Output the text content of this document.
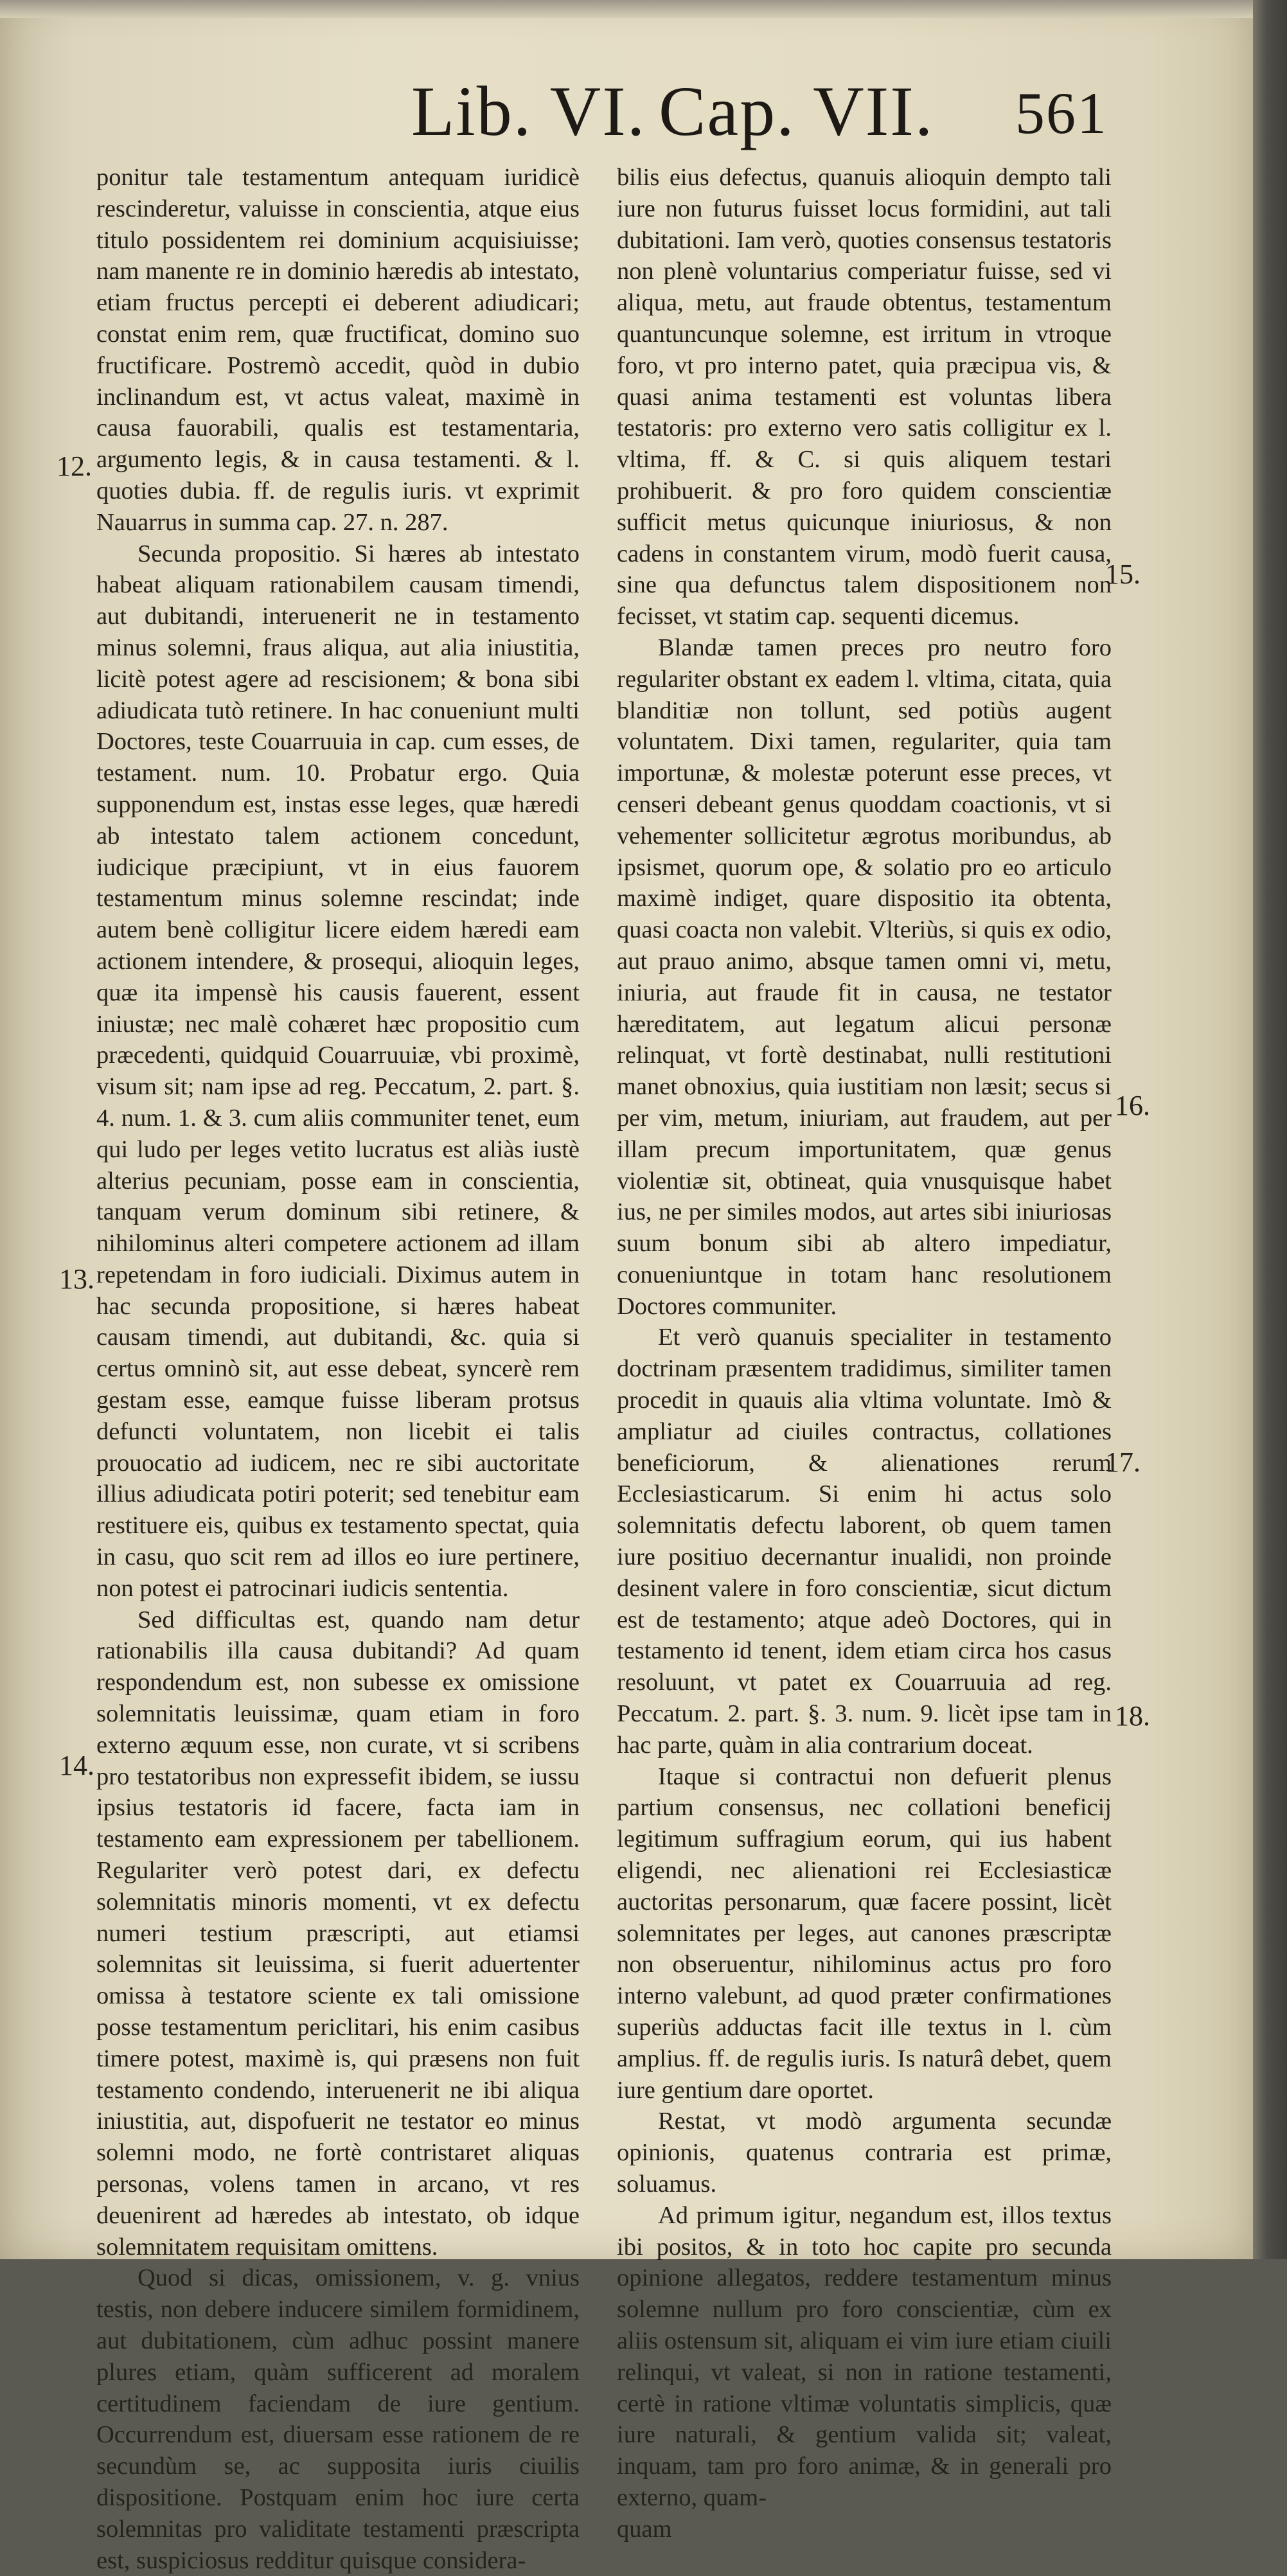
Lib. VI. Cap. VII. 561

ponitur tale testamentum antequam iuridicè rescinderetur, valuisse in conscientia, atque eius titulo possidentem rei dominium acquisiuisse; nam manente re in dominio hæredis ab intestato, etiam fructus percepti ei deberent adiudicari; constat enim rem, quæ fructificat, domino suo fructificare. Postremò accedit, quòd in dubio inclinandum est, vt actus valeat, maximè in causa fauorabili, qualis est testamentaria, argumento legis, & in causa testamenti. & l. quoties dubia. ff. de regulis iuris. vt exprimit Nauarrus in summa cap. 27. n. 287.

Secunda propositio. Si hæres ab intestato habeat aliquam rationabilem causam timendi, aut dubitandi, interuenerit ne in testamento minus solemni, fraus aliqua, aut alia iniustitia, licitè potest agere ad rescisionem; & bona sibi adiudicata tutò retinere. In hac conueniunt multi Doctores, teste Couarruuia in cap. cum esses, de testament. num. 10. Probatur ergo. Quia supponendum est, instas esse leges, quæ hæredi ab intestato talem actionem concedunt, iudicique præcipiunt, vt in eius fauorem testamentum minus solemne rescindat; inde autem benè colligitur licere eidem hæredi eam actionem intendere, & prosequi, alioquin leges, quæ ita impensè his causis fauerent, essent iniustæ; nec malè cohæret hæc propositio cum præcedenti, quidquid Couarruuiæ, vbi proximè, visum sit; nam ipse ad reg. Peccatum, 2. part. §. 4. num. 1. & 3. cum aliis communiter tenet, eum qui ludo per leges vetito lucratus est aliàs iustè alterius pecuniam, posse eam in conscientia, tanquam verum dominum sibi retinere, & nihilominus alteri competere actionem ad illam repetendam in foro iudiciali. Diximus autem in hac secunda propositione, si hæres habeat causam timendi, aut dubitandi, &c. quia si certus omninò sit, aut esse debeat, syncerè rem gestam esse, eamque fuisse liberam protsus defuncti voluntatem, non licebit ei talis prouocatio ad iudicem, nec re sibi auctoritate illius adiudicata potiri poterit; sed tenebitur eam restituere eis, quibus ex testamento spectat, quia in casu, quo scit rem ad illos eo iure pertinere, non potest ei patrocinari iudicis sententia.

Sed difficultas est, quando nam detur rationabilis illa causa dubitandi? Ad quam respondendum est, non subesse ex omissione solemnitatis leuissimæ, quam etiam in foro externo æquum esse, non curate, vt si scribens pro testatoribus non expressefit ibidem, se iussu ipsius testatoris id facere, facta iam in testamento eam expressionem per tabellionem. Regulariter verò potest dari, ex defectu solemnitatis minoris momenti, vt ex defectu numeri testium præscripti, aut etiamsi solemnitas sit leuissima, si fuerit aduertenter omissa à testatore sciente ex tali omissione posse testamentum periclitari, his enim casibus timere potest, maximè is, qui præsens non fuit testamento condendo, interuenerit ne ibi aliqua iniustitia, aut, dispofuerit ne testator eo minus solemni modo, ne fortè contristaret aliquas personas, volens tamen in arcano, vt res deuenirent ad hæredes ab intestato, ob idque solemnitatem requisitam omittens.

Quod si dicas, omissionem, v. g. vnius testis, non debere inducere similem formidinem, aut dubitationem, cùm adhuc possint manere plures etiam, quàm sufficerent ad moralem certitudinem faciendam de iure gentium. Occurrendum est, diuersam esse rationem de re secundùm se, ac supposita iuris ciuilis dispositione. Postquam enim hoc iure certa solemnitas pro validitate testamenti præscripta est, suspiciosus redditur quisque considera-

bilis eius defectus, quanuis alioquin dempto tali iure non futurus fuisset locus formidini, aut tali dubitationi. Iam verò, quoties consensus testatoris non plenè voluntarius comperiatur fuisse, sed vi aliqua, metu, aut fraude obtentus, testamentum quantuncunque solemne, est irritum in vtroque foro, vt pro interno patet, quia præcipua vis, & quasi anima testamenti est voluntas libera testatoris: pro externo vero satis colligitur ex l. vltima, ff. & C. si quis aliquem testari prohibuerit. & pro foro quidem conscientiæ sufficit metus quicunque iniuriosus, & non cadens in constantem virum, modò fuerit causa, sine qua defunctus talem dispositionem non fecisset, vt statim cap. sequenti dicemus.

Blandæ tamen preces pro neutro foro regulariter obstant ex eadem l. vltima, citata, quia blanditiæ non tollunt, sed potiùs augent voluntatem. Dixi tamen, regulariter, quia tam importunæ, & molestæ poterunt esse preces, vt censeri debeant genus quoddam coactionis, vt si vehementer sollicitetur ægrotus moribundus, ab ipsismet, quorum ope, & solatio pro eo articulo maximè indiget, quare dispositio ita obtenta, quasi coacta non valebit. Vlteriùs, si quis ex odio, aut prauo animo, absque tamen omni vi, metu, iniuria, aut fraude fit in causa, ne testator hæreditatem, aut legatum alicui personæ relinquat, vt fortè destinabat, nulli restitutioni manet obnoxius, quia iustitiam non læsit; secus si per vim, metum, iniuriam, aut fraudem, aut per illam precum importunitatem, quæ genus violentiæ sit, obtineat, quia vnusquisque habet ius, ne per similes modos, aut artes sibi iniuriosas suum bonum sibi ab altero impediatur, conueniuntque in totam hanc resolutionem Doctores communiter.

Et verò quanuis specialiter in testamento doctrinam præsentem tradidimus, similiter tamen procedit in quauis alia vltima voluntate. Imò & ampliatur ad ciuiles contractus, collationes beneficiorum, & alienationes rerum Ecclesiasticarum. Si enim hi actus solo solemnitatis defectu laborent, ob quem tamen iure positiuo decernantur inualidi, non proinde desinent valere in foro conscientiæ, sicut dictum est de testamento; atque adeò Doctores, qui in testamento id tenent, idem etiam circa hos casus resoluunt, vt patet ex Couarruuia ad reg. Peccatum. 2. part. §. 3. num. 9. licèt ipse tam in hac parte, quàm in alia contrarium doceat.

Itaque si contractui non defuerit plenus partium consensus, nec collationi beneficij legitimum suffragium eorum, qui ius habent eligendi, nec alienationi rei Ecclesiasticæ auctoritas personarum, quæ facere possint, licèt solemnitates per leges, aut canones præscriptæ non obseruentur, nihilominus actus pro foro interno valebunt, ad quod præter confirmationes superiùs adductas facit ille textus in l. cùm amplius. ff. de regulis iuris. Is naturâ debet, quem iure gentium dare oportet.

Restat, vt modò argumenta secundæ opinionis, quatenus contraria est primæ, soluamus.

Ad primum igitur, negandum est, illos textus ibi positos, & in toto hoc capite pro secunda opinione allegatos, reddere testamentum minus solemne nullum pro foro conscientiæ, cùm ex aliis ostensum sit, aliquam ei vim iure etiam ciuili relinqui, vt valeat, si non in ratione testamenti, certè in ratione vltimæ voluntatis simplicis, quæ iure naturali, & gentium valida sit; valeat, inquam, tam pro foro animæ, & in generali pro externo, quam-

quam

12.
13.
14.
15.
16.
17.
18.
